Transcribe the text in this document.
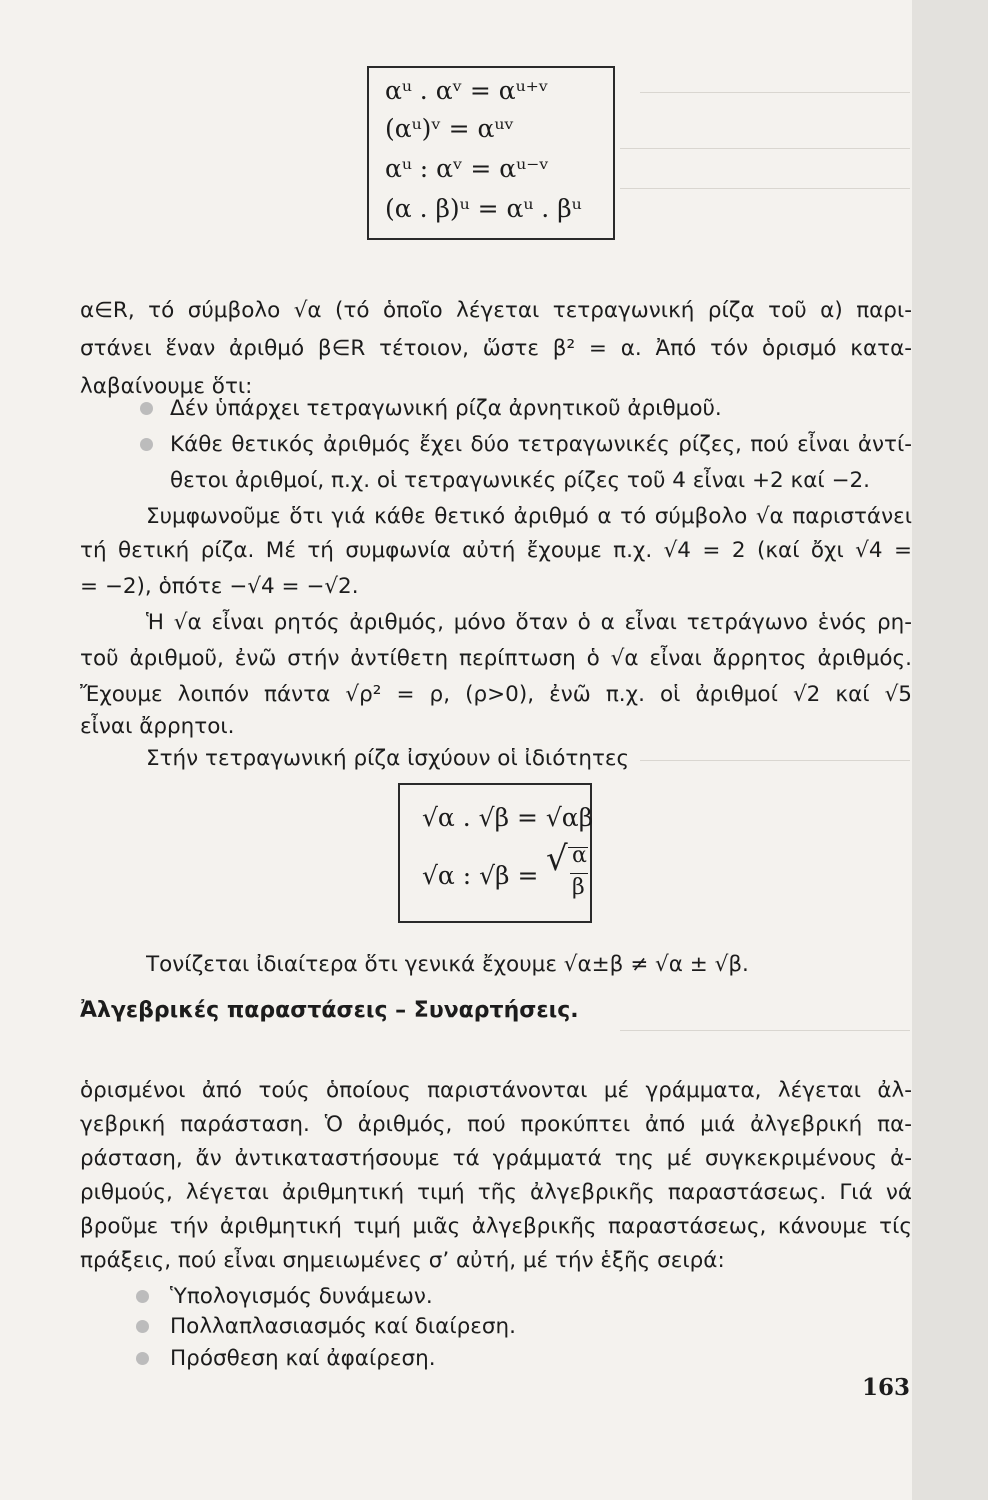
αᵘ . αᵛ = αᵘ⁺ᵛ
(αᵘ)ᵛ = αᵘᵛ
αᵘ : αᵛ = αᵘ⁻ᵛ
(α . β)ᵘ = αᵘ . βᵘ
α∈R, τό σύμβολο √α (τό ὁποῖο λέγεται τετραγωνική ρίζα τοῦ α) παρι-
στάνει ἕναν ἀριθμό β∈R τέτοιον, ὥστε β² = α. Ἀπό τόν ὁρισμό κατα-
λαβαίνουμε ὅτι:
Δέν ὑπάρχει τετραγωνική ρίζα ἀρνητικοῦ ἀριθμοῦ.
Κάθε θετικός ἀριθμός ἔχει δύο τετραγωνικές ρίζες, πού εἶναι ἀντί-
θετοι ἀριθμοί, π.χ. οἱ τετραγωνικές ρίζες τοῦ 4 εἶναι +2 καί −2.
Συμφωνοῦμε ὅτι γιά κάθε θετικό ἀριθμό α τό σύμβολο √α παριστάνει
τή θετική ρίζα. Μέ τή συμφωνία αὐτή ἔχουμε π.χ. √4 = 2 (καί ὄχι √4 =
= −2), ὁπότε −√4 = −√2.
Ἡ √α εἶναι ρητός ἀριθμός, μόνο ὅταν ὁ α εἶναι τετράγωνο ἑνός ρη-
τοῦ ἀριθμοῦ, ἐνῶ στήν ἀντίθετη περίπτωση ὁ √α εἶναι ἄρρητος ἀριθμός.
Ἔχουμε λοιπόν πάντα √ρ² = ρ, (ρ>0), ἐνῶ π.χ. οἱ ἀριθμοί √2 καί √5
εἶναι ἄρρητοι.
Στήν τετραγωνική ρίζα ἰσχύουν οἱ ἰδιότητες
√α . √β = √αβ
√α : √β = √ α
β
Τονίζεται ἰδιαίτερα ὅτι γενικά ἔχουμε √α±β ≠ √α ± √β.
Ἀλγεβρικές παραστάσεις – Συναρτήσεις.
ὁρισμένοι ἀπό τούς ὁποίους παριστάνονται μέ γράμματα, λέγεται ἀλ-
γεβρική παράσταση. Ὁ ἀριθμός, πού προκύπτει ἀπό μιά ἀλγεβρική πα-
ράσταση, ἄν ἀντικαταστήσουμε τά γράμματά της μέ συγκεκριμένους ἀ-
ριθμούς, λέγεται ἀριθμητική τιμή τῆς ἀλγεβρικῆς παραστάσεως. Γιά νά
βροῦμε τήν ἀριθμητική τιμή μιᾶς ἀλγεβρικῆς παραστάσεως, κάνουμε τίς
πράξεις, πού εἶναι σημειωμένες σ’ αὐτή, μέ τήν ἑξῆς σειρά:
Ὑπολογισμός δυνάμεων.
Πολλαπλασιασμός καί διαίρεση.
Πρόσθεση καί ἀφαίρεση.
163
